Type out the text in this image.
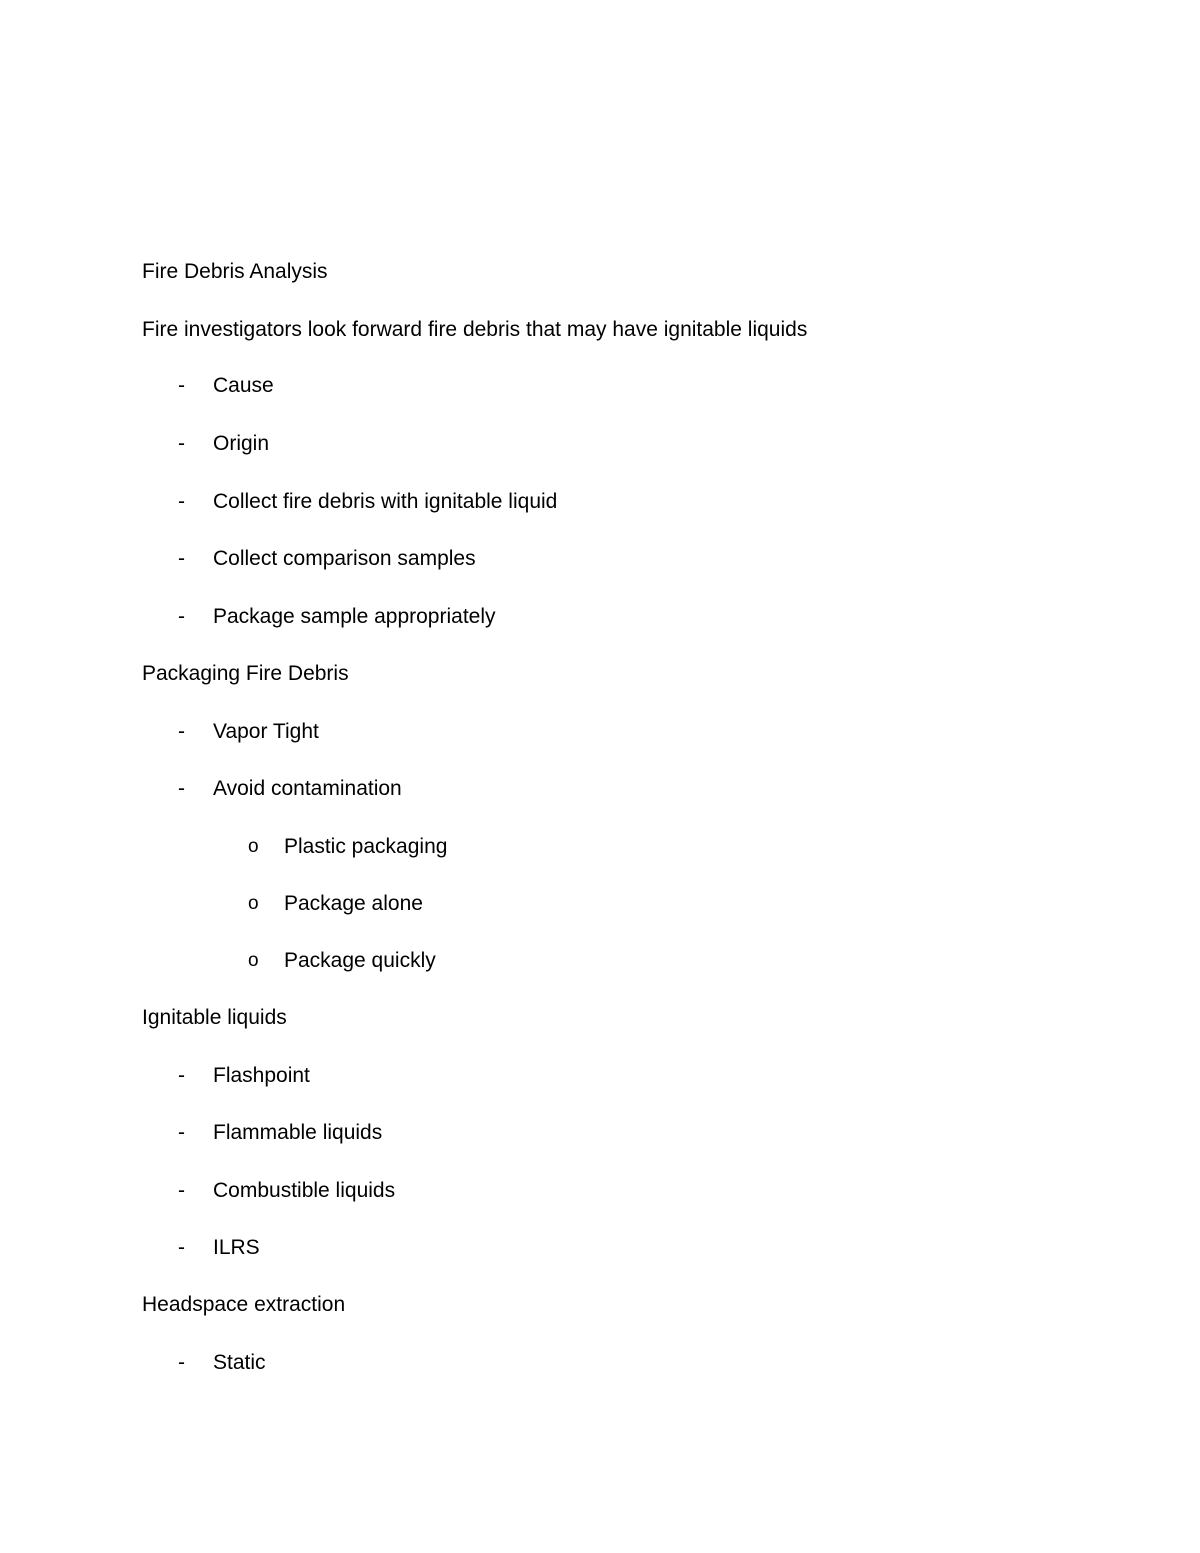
Fire Debris Analysis
Fire investigators look forward fire debris that may have ignitable liquids
- Cause
- Origin
- Collect fire debris with ignitable liquid
- Collect comparison samples
- Package sample appropriately
Packaging Fire Debris
- Vapor Tight
- Avoid contamination
o Plastic packaging
o Package alone
o Package quickly
Ignitable liquids
- Flashpoint
- Flammable liquids
- Combustible liquids
- ILRS
Headspace extraction
- Static
